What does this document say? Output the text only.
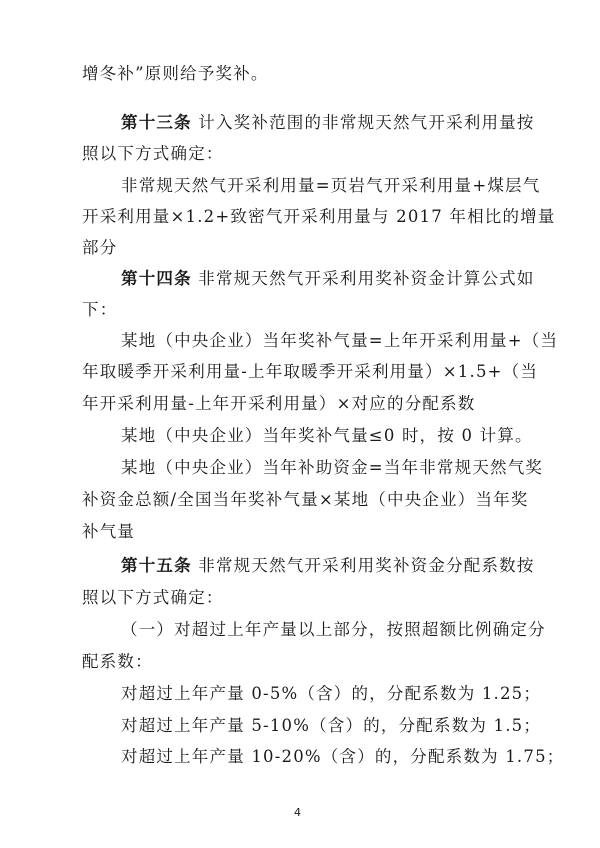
增冬补”原则给予奖补。
第十三条 计入奖补范围的非常规天然气开采利用量按
照以下方式确定：
非常规天然气开采利用量=页岩气开采利用量+煤层气
开采利用量×1.2+致密气开采利用量与 2017 年相比的增量
部分
第十四条 非常规天然气开采利用奖补资金计算公式如
下：
某地（中央企业）当年奖补气量=上年开采利用量+（当
年取暖季开采利用量-上年取暖季开采利用量）×1.5+（当
年开采利用量-上年开采利用量）×对应的分配系数
某地（中央企业）当年奖补气量≤0 时，按 0 计算。
某地（中央企业）当年补助资金=当年非常规天然气奖
补资金总额/全国当年奖补气量×某地（中央企业）当年奖
补气量
第十五条 非常规天然气开采利用奖补资金分配系数按
照以下方式确定：
（一）对超过上年产量以上部分，按照超额比例确定分
配系数：
对超过上年产量 0-5%（含）的，分配系数为 1.25；
对超过上年产量 5-10%（含）的，分配系数为 1.5；
对超过上年产量 10-20%（含）的，分配系数为 1.75；
4
